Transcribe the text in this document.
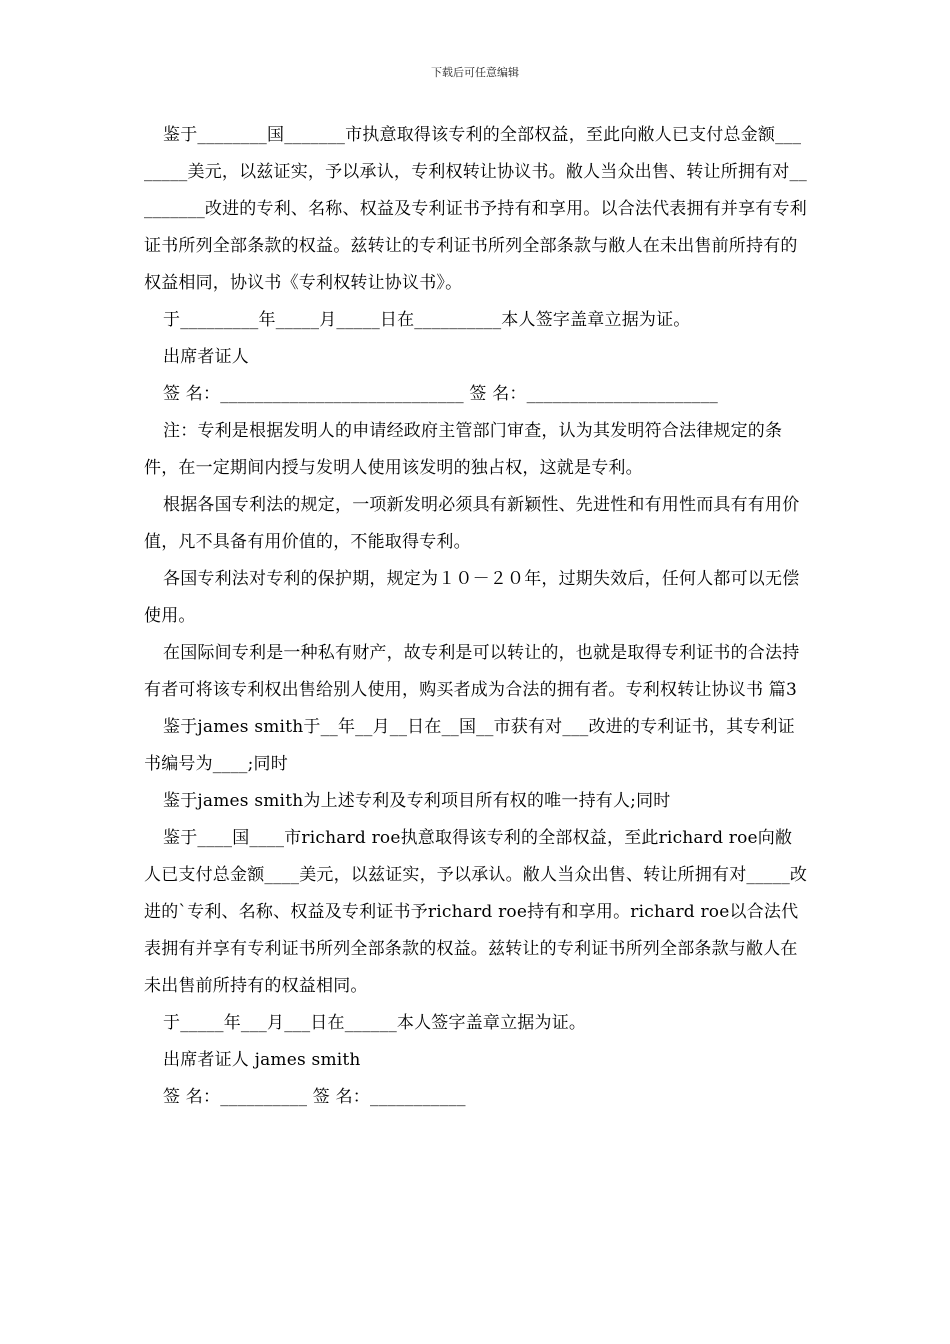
下载后可任意编辑

鉴于________国_______市执意取得该专利的全部权益，至此向敝人已支付总金额________美元，以兹证实，予以承认，专利权转让协议书。敝人当众出售、转让所拥有对_________改进的专利、名称、权益及专利证书予持有和享用。以合法代表拥有并享有专利证书所列全部条款的权益。兹转让的专利证书所列全部条款与敝人在未出售前所持有的权益相同，协议书《专利权转让协议书》。

于_________年_____月_____日在__________本人签字盖章立据为证。

出席者证人

签 名：____________________________ 签 名：______________________

注：专利是根据发明人的申请经政府主管部门审查，认为其发明符合法律规定的条件，在一定期间内授与发明人使用该发明的独占权，这就是专利。

根据各国专利法的规定，一项新发明必须具有新颖性、先进性和有用性而具有有用价值，凡不具备有用价值的，不能取得专利。

各国专利法对专利的保护期，规定为１０－２０年，过期失效后，任何人都可以无偿使用。

在国际间专利是一种私有财产，故专利是可以转让的，也就是取得专利证书的合法持有者可将该专利权出售给别人使用，购买者成为合法的拥有者。专利权转让协议书 篇3

鉴于james smith于__年__月__日在__国__市获有对___改进的专利证书，其专利证书编号为____;同时

鉴于james smith为上述专利及专利项目所有权的唯一持有人;同时

鉴于____国____市richard roe执意取得该专利的全部权益，至此richard roe向敝人已支付总金额____美元，以兹证实，予以承认。敝人当众出售、转让所拥有对_____改进的`专利、名称、权益及专利证书予richard roe持有和享用。richard roe以合法代表拥有并享有专利证书所列全部条款的权益。兹转让的专利证书所列全部条款与敝人在未出售前所持有的权益相同。

于_____年___月___日在______本人签字盖章立据为证。

出席者证人 james smith

签 名：__________ 签 名：___________
